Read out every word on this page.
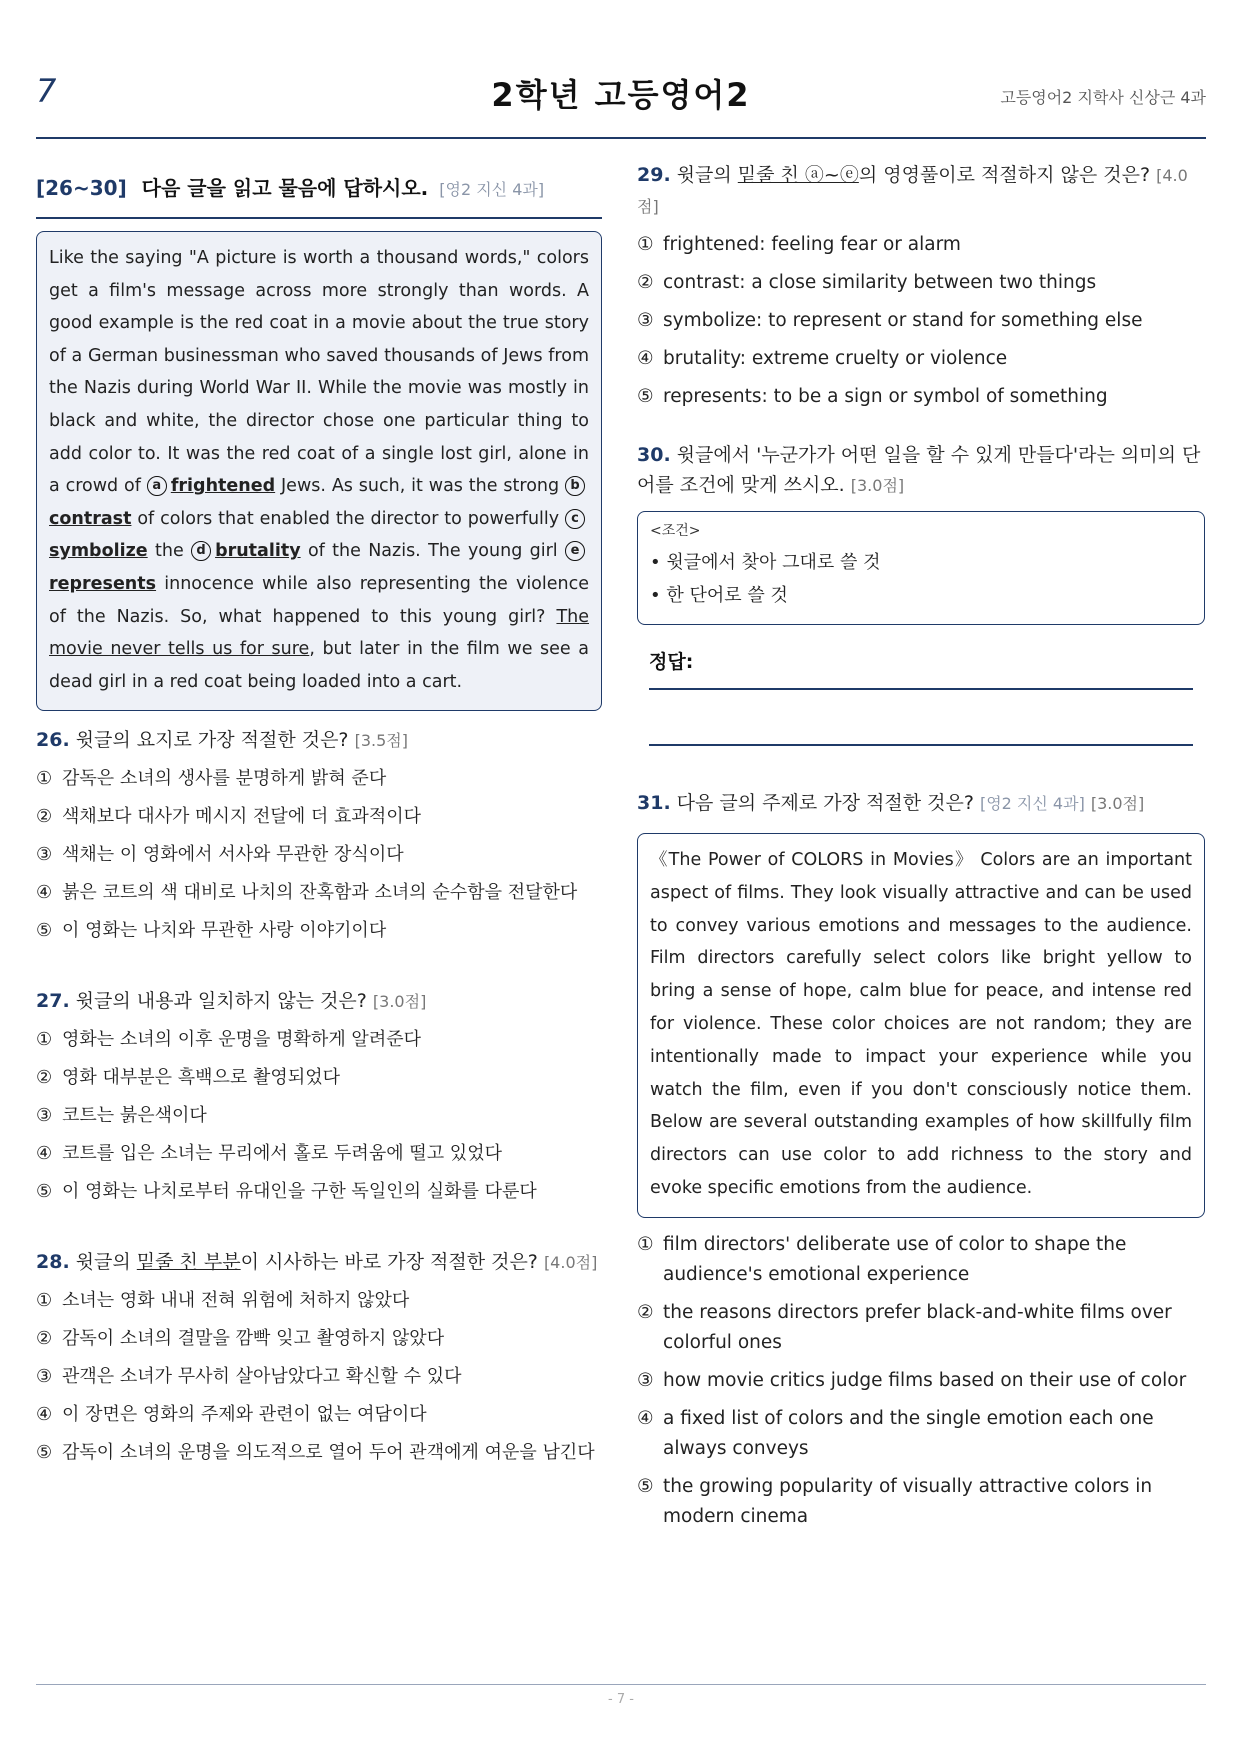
7	2학년 고등영어2	고등영어2 지학사 신상근 4과
[26~30] 다음 글을 읽고 물음에 답하시오. [영2 지신 4과]
Like the saying "A picture is worth a thousand words," colors get a film's message across more strongly than words. A good example is the red coat in a movie about the true story of a German businessman who saved thousands of Jews from the Nazis during World War II. While the movie was mostly in black and white, the director chose one particular thing to add color to. It was the red coat of a single lost girl, alone in a crowd of a frightened Jews. As such, it was the strong bcontrast of colors that enabled the director to powerfully csymbolize the d brutality of the Nazis. The young girl erepresents innocence while also representing the violence of the Nazis. So, what happened to this young girl? The movie never tells us for sure, but later in the film we see a dead girl in a red coat being loaded into a cart.
26. 윗글의 요지로 가장 적절한 것은? [3.5점]
① 감독은 소녀의 생사를 분명하게 밝혀 준다
② 색채보다 대사가 메시지 전달에 더 효과적이다
③ 색채는 이 영화에서 서사와 무관한 장식이다
④ 붉은 코트의 색 대비로 나치의 잔혹함과 소녀의 순수함을 전달한다
⑤ 이 영화는 나치와 무관한 사랑 이야기이다
27. 윗글의 내용과 일치하지 않는 것은? [3.0점]
① 영화는 소녀의 이후 운명을 명확하게 알려준다
② 영화 대부분은 흑백으로 촬영되었다
③ 코트는 붉은색이다
④ 코트를 입은 소녀는 무리에서 홀로 두려움에 떨고 있었다
⑤ 이 영화는 나치로부터 유대인을 구한 독일인의 실화를 다룬다
28. 윗글의 밑줄 친 부분이 시사하는 바로 가장 적절한 것은? [4.0점]
① 소녀는 영화 내내 전혀 위험에 처하지 않았다
② 감독이 소녀의 결말을 깜빡 잊고 촬영하지 않았다
③ 관객은 소녀가 무사히 살아남았다고 확신할 수 있다
④ 이 장면은 영화의 주제와 관련이 없는 여담이다
⑤ 감독이 소녀의 운명을 의도적으로 열어 두어 관객에게 여운을 남긴다
29. 윗글의 밑줄 친 ⓐ~ⓔ의 영영풀이로 적절하지 않은 것은? [4.0점]
① frightened: feeling fear or alarm
② contrast: a close similarity between two things
③ symbolize: to represent or stand for something else
④ brutality: extreme cruelty or violence
⑤ represents: to be a sign or symbol of something
30. 윗글에서 '누군가가 어떤 일을 할 수 있게 만들다'라는 의미의 단어를 조건에 맞게 쓰시오. [3.0점]
<조건>
• 윗글에서 찾아 그대로 쓸 것
• 한 단어로 쓸 것
정답:
31. 다음 글의 주제로 가장 적절한 것은? [영2 지신 4과] [3.0점]
《The Power of COLORS in Movies》 Colors are an important aspect of films. They look visually attractive and can be used to convey various emotions and messages to the audience. Film directors carefully select colors like bright yellow to bring a sense of hope, calm blue for peace, and intense red for violence. These color choices are not random; they are intentionally made to impact your experience while you watch the film, even if you don't consciously notice them. Below are several outstanding examples of how skillfully film directors can use color to add richness to the story and evoke specific emotions from the audience.
① film directors' deliberate use of color to shape the audience's emotional experience
② the reasons directors prefer black-and-white films over colorful ones
③ how movie critics judge films based on their use of color
④ a fixed list of colors and the single emotion each one always conveys
⑤ the growing popularity of visually attractive colors in modern cinema
- 7 -
